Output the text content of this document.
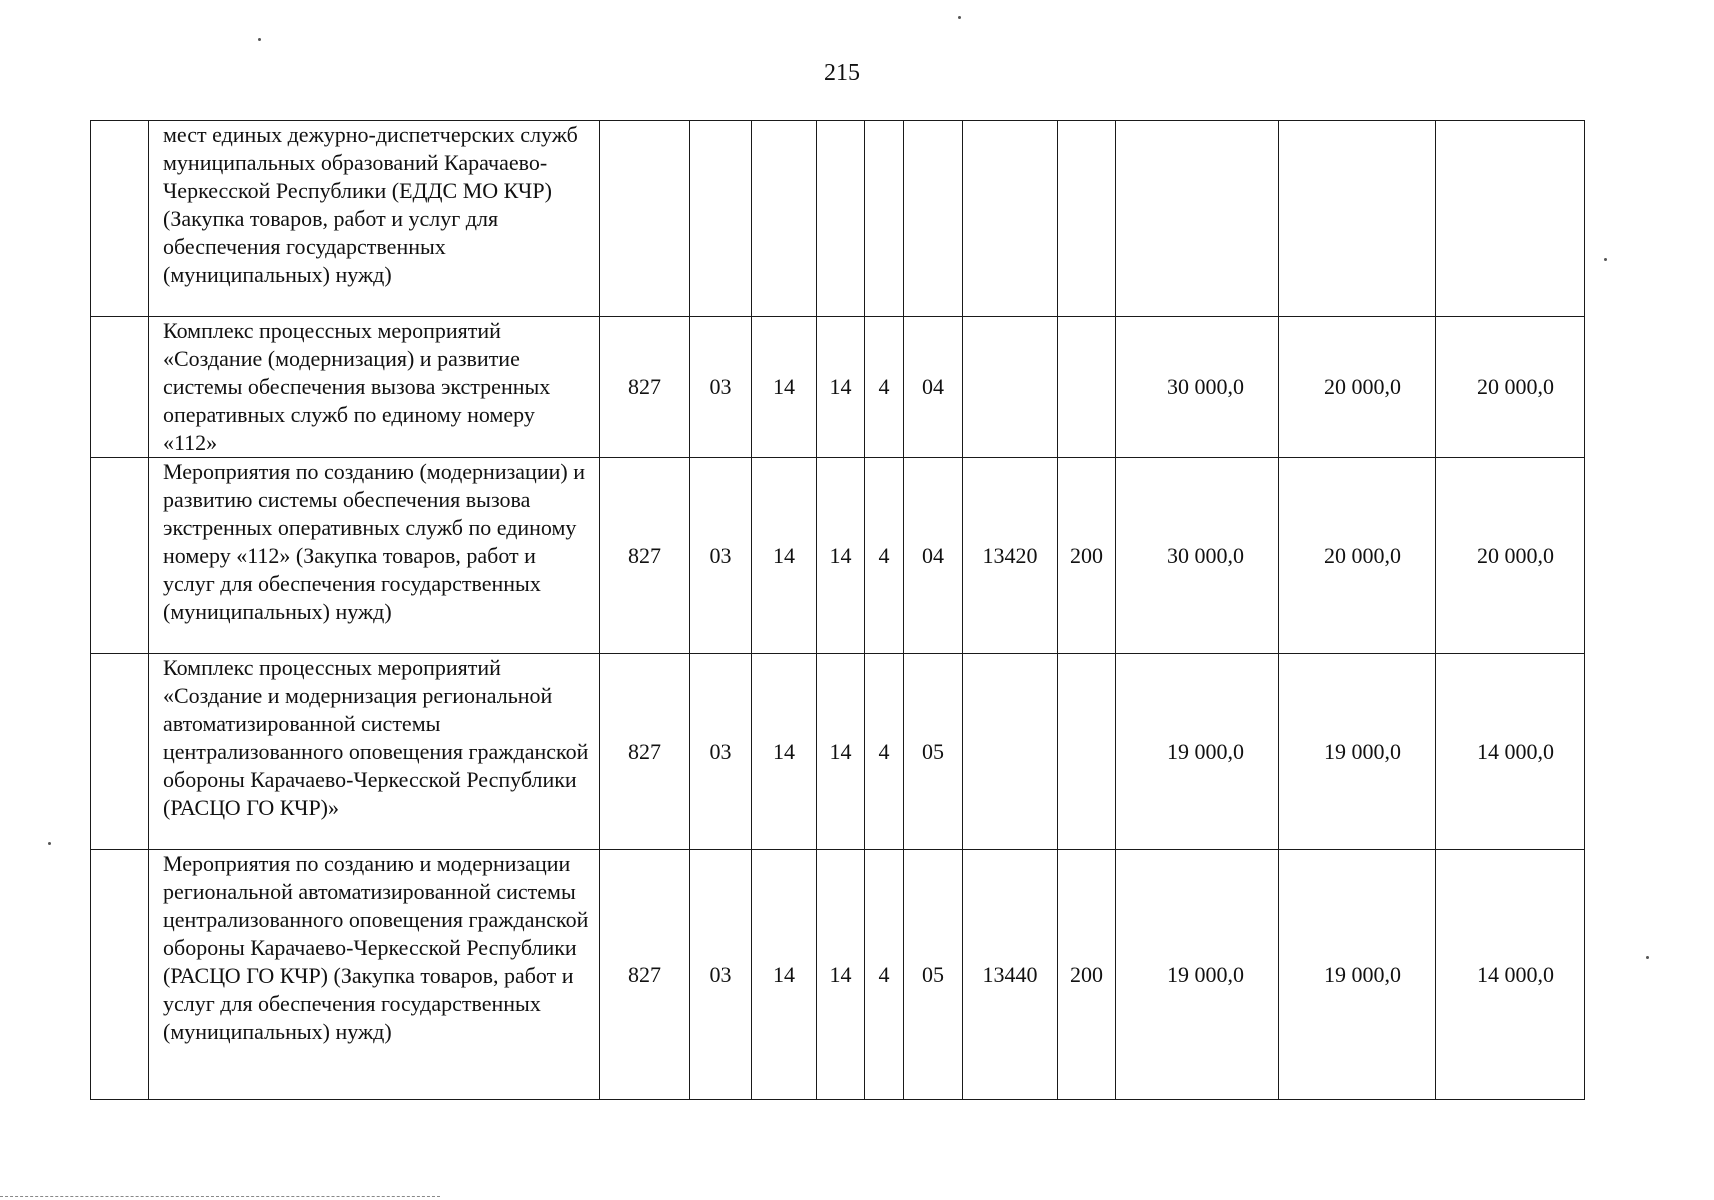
215
	мест единых дежурно-диспетчерских служб муниципальных образований Карачаево-Черкесской Республики (ЕДДС МО КЧР) (Закупка товаров, работ и услуг для обеспечения государственных (муниципальных) нужд)											
	Комплекс процессных мероприятий «Создание (модернизация) и развитие системы обеспечения вызова экстренных оперативных служб по единому номеру «112»	827	03	14	14	4	04			30 000,0	20 000,0	20 000,0
	Мероприятия по созданию (модернизации) и развитию системы обеспечения вызова экстренных оперативных служб по единому номеру «112» (Закупка товаров, работ и услуг для обеспечения государственных (муниципальных) нужд)	827	03	14	14	4	04	13420	200	30 000,0	20 000,0	20 000,0
	Комплекс процессных мероприятий «Создание и модернизация региональной автоматизированной системы централизованного оповещения гражданской обороны Карачаево-Черкесской Республики (РАСЦО ГО КЧР)»	827	03	14	14	4	05			19 000,0	19 000,0	14 000,0
	Мероприятия по созданию и модернизации региональной автоматизированной системы централизованного оповещения гражданской обороны Карачаево-Черкесской Республики (РАСЦО ГО КЧР) (Закупка товаров, работ и услуг для обеспечения государственных (муниципальных) нужд)	827	03	14	14	4	05	13440	200	19 000,0	19 000,0	14 000,0
